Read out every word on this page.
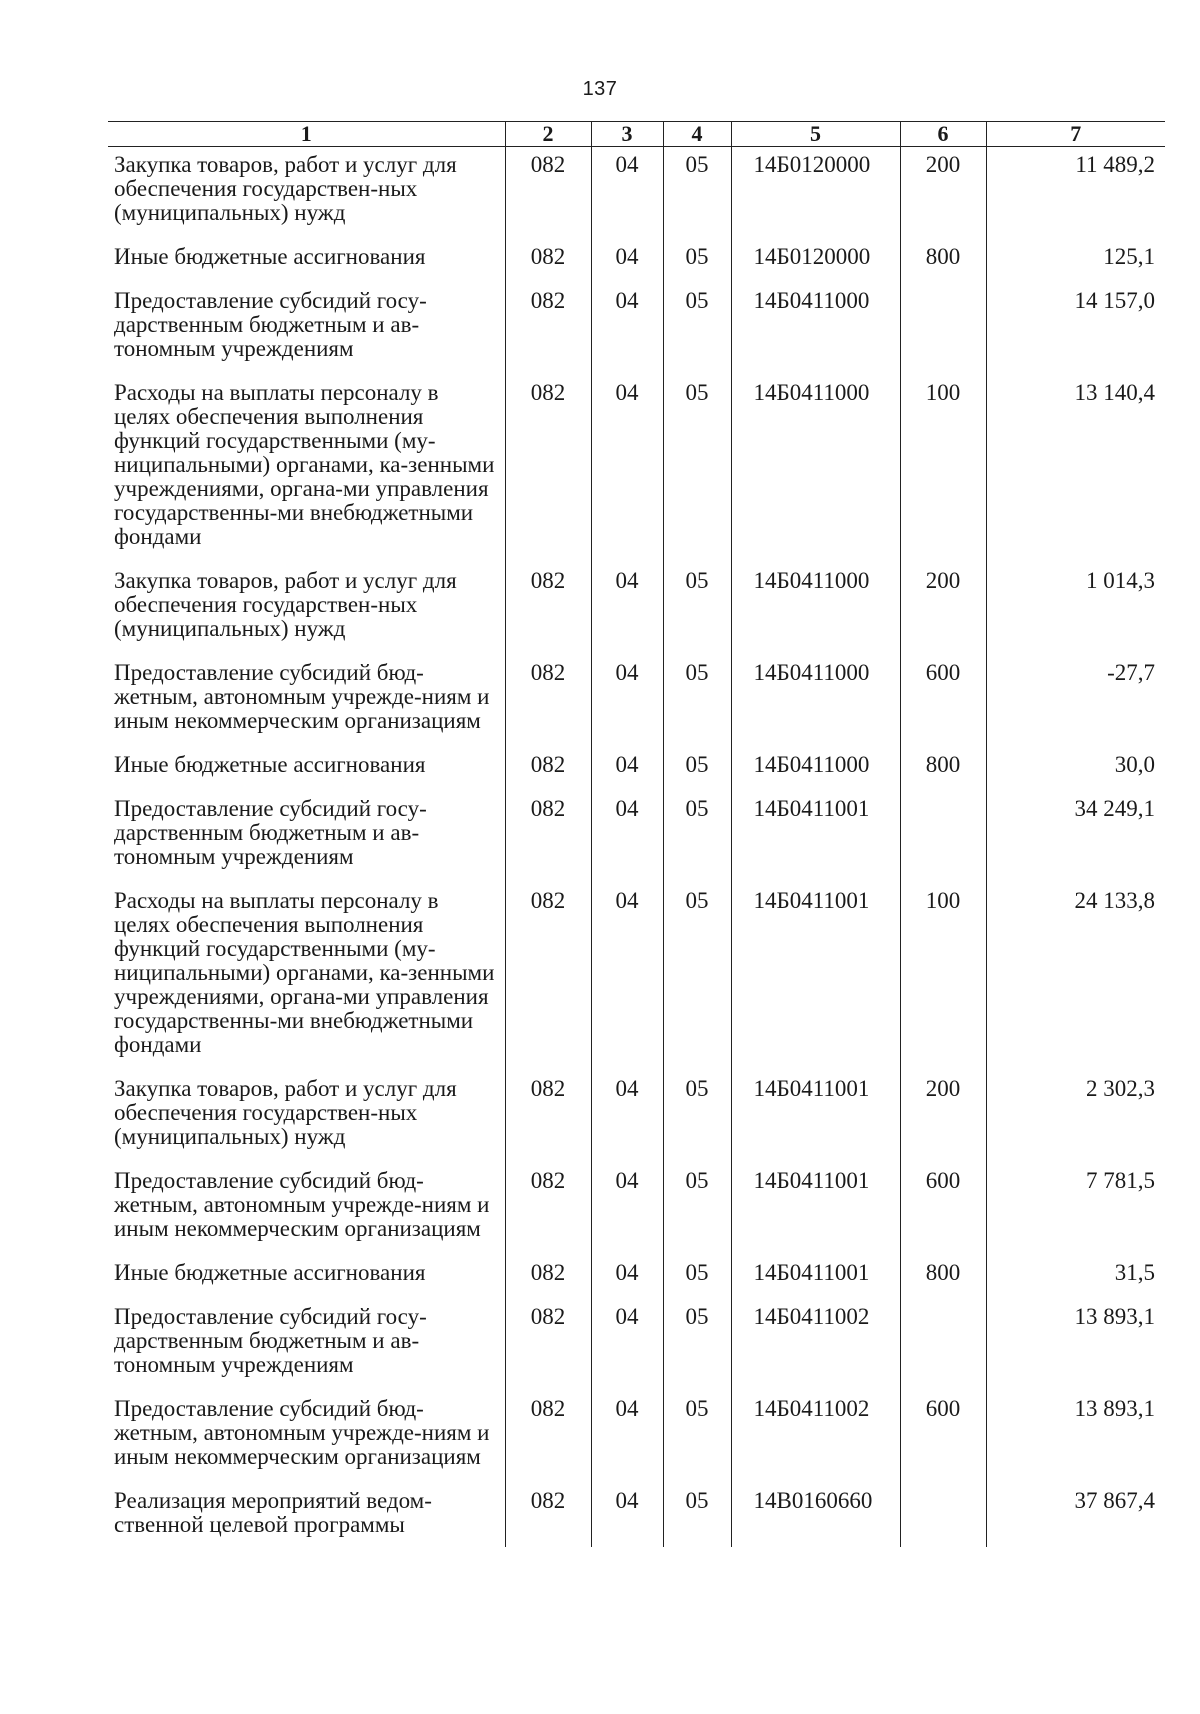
137
1	2	3	4	5	6	7
Закупка товаров, работ и услуг для обеспечения государствен-ных (муниципальных) нужд	082	04	05	14Б0120000	200	11 489,2
Иные бюджетные ассигнования	082	04	05	14Б0120000	800	125,1
Предоставление субсидий госу-дарственным бюджетным и ав-тономным учреждениям	082	04	05	14Б0411000		14 157,0
Расходы на выплаты персоналу в целях обеспечения выполнения функций государственными (му-ниципальными) органами, ка-зенными учреждениями, органа-ми управления государственны-ми внебюджетными фондами	082	04	05	14Б0411000	100	13 140,4
Закупка товаров, работ и услуг для обеспечения государствен-ных (муниципальных) нужд	082	04	05	14Б0411000	200	1 014,3
Предоставление субсидий бюд-жетным, автономным учрежде-ниям и иным некоммерческим организациям	082	04	05	14Б0411000	600	-27,7
Иные бюджетные ассигнования	082	04	05	14Б0411000	800	30,0
Предоставление субсидий госу-дарственным бюджетным и ав-тономным учреждениям	082	04	05	14Б0411001		34 249,1
Расходы на выплаты персоналу в целях обеспечения выполнения функций государственными (му-ниципальными) органами, ка-зенными учреждениями, органа-ми управления государственны-ми внебюджетными фондами	082	04	05	14Б0411001	100	24 133,8
Закупка товаров, работ и услуг для обеспечения государствен-ных (муниципальных) нужд	082	04	05	14Б0411001	200	2 302,3
Предоставление субсидий бюд-жетным, автономным учрежде-ниям и иным некоммерческим организациям	082	04	05	14Б0411001	600	7 781,5
Иные бюджетные ассигнования	082	04	05	14Б0411001	800	31,5
Предоставление субсидий госу-дарственным бюджетным и ав-тономным учреждениям	082	04	05	14Б0411002		13 893,1
Предоставление субсидий бюд-жетным, автономным учрежде-ниям и иным некоммерческим организациям	082	04	05	14Б0411002	600	13 893,1
Реализация мероприятий ведом-ственной целевой программы	082	04	05	14В0160660		37 867,4
